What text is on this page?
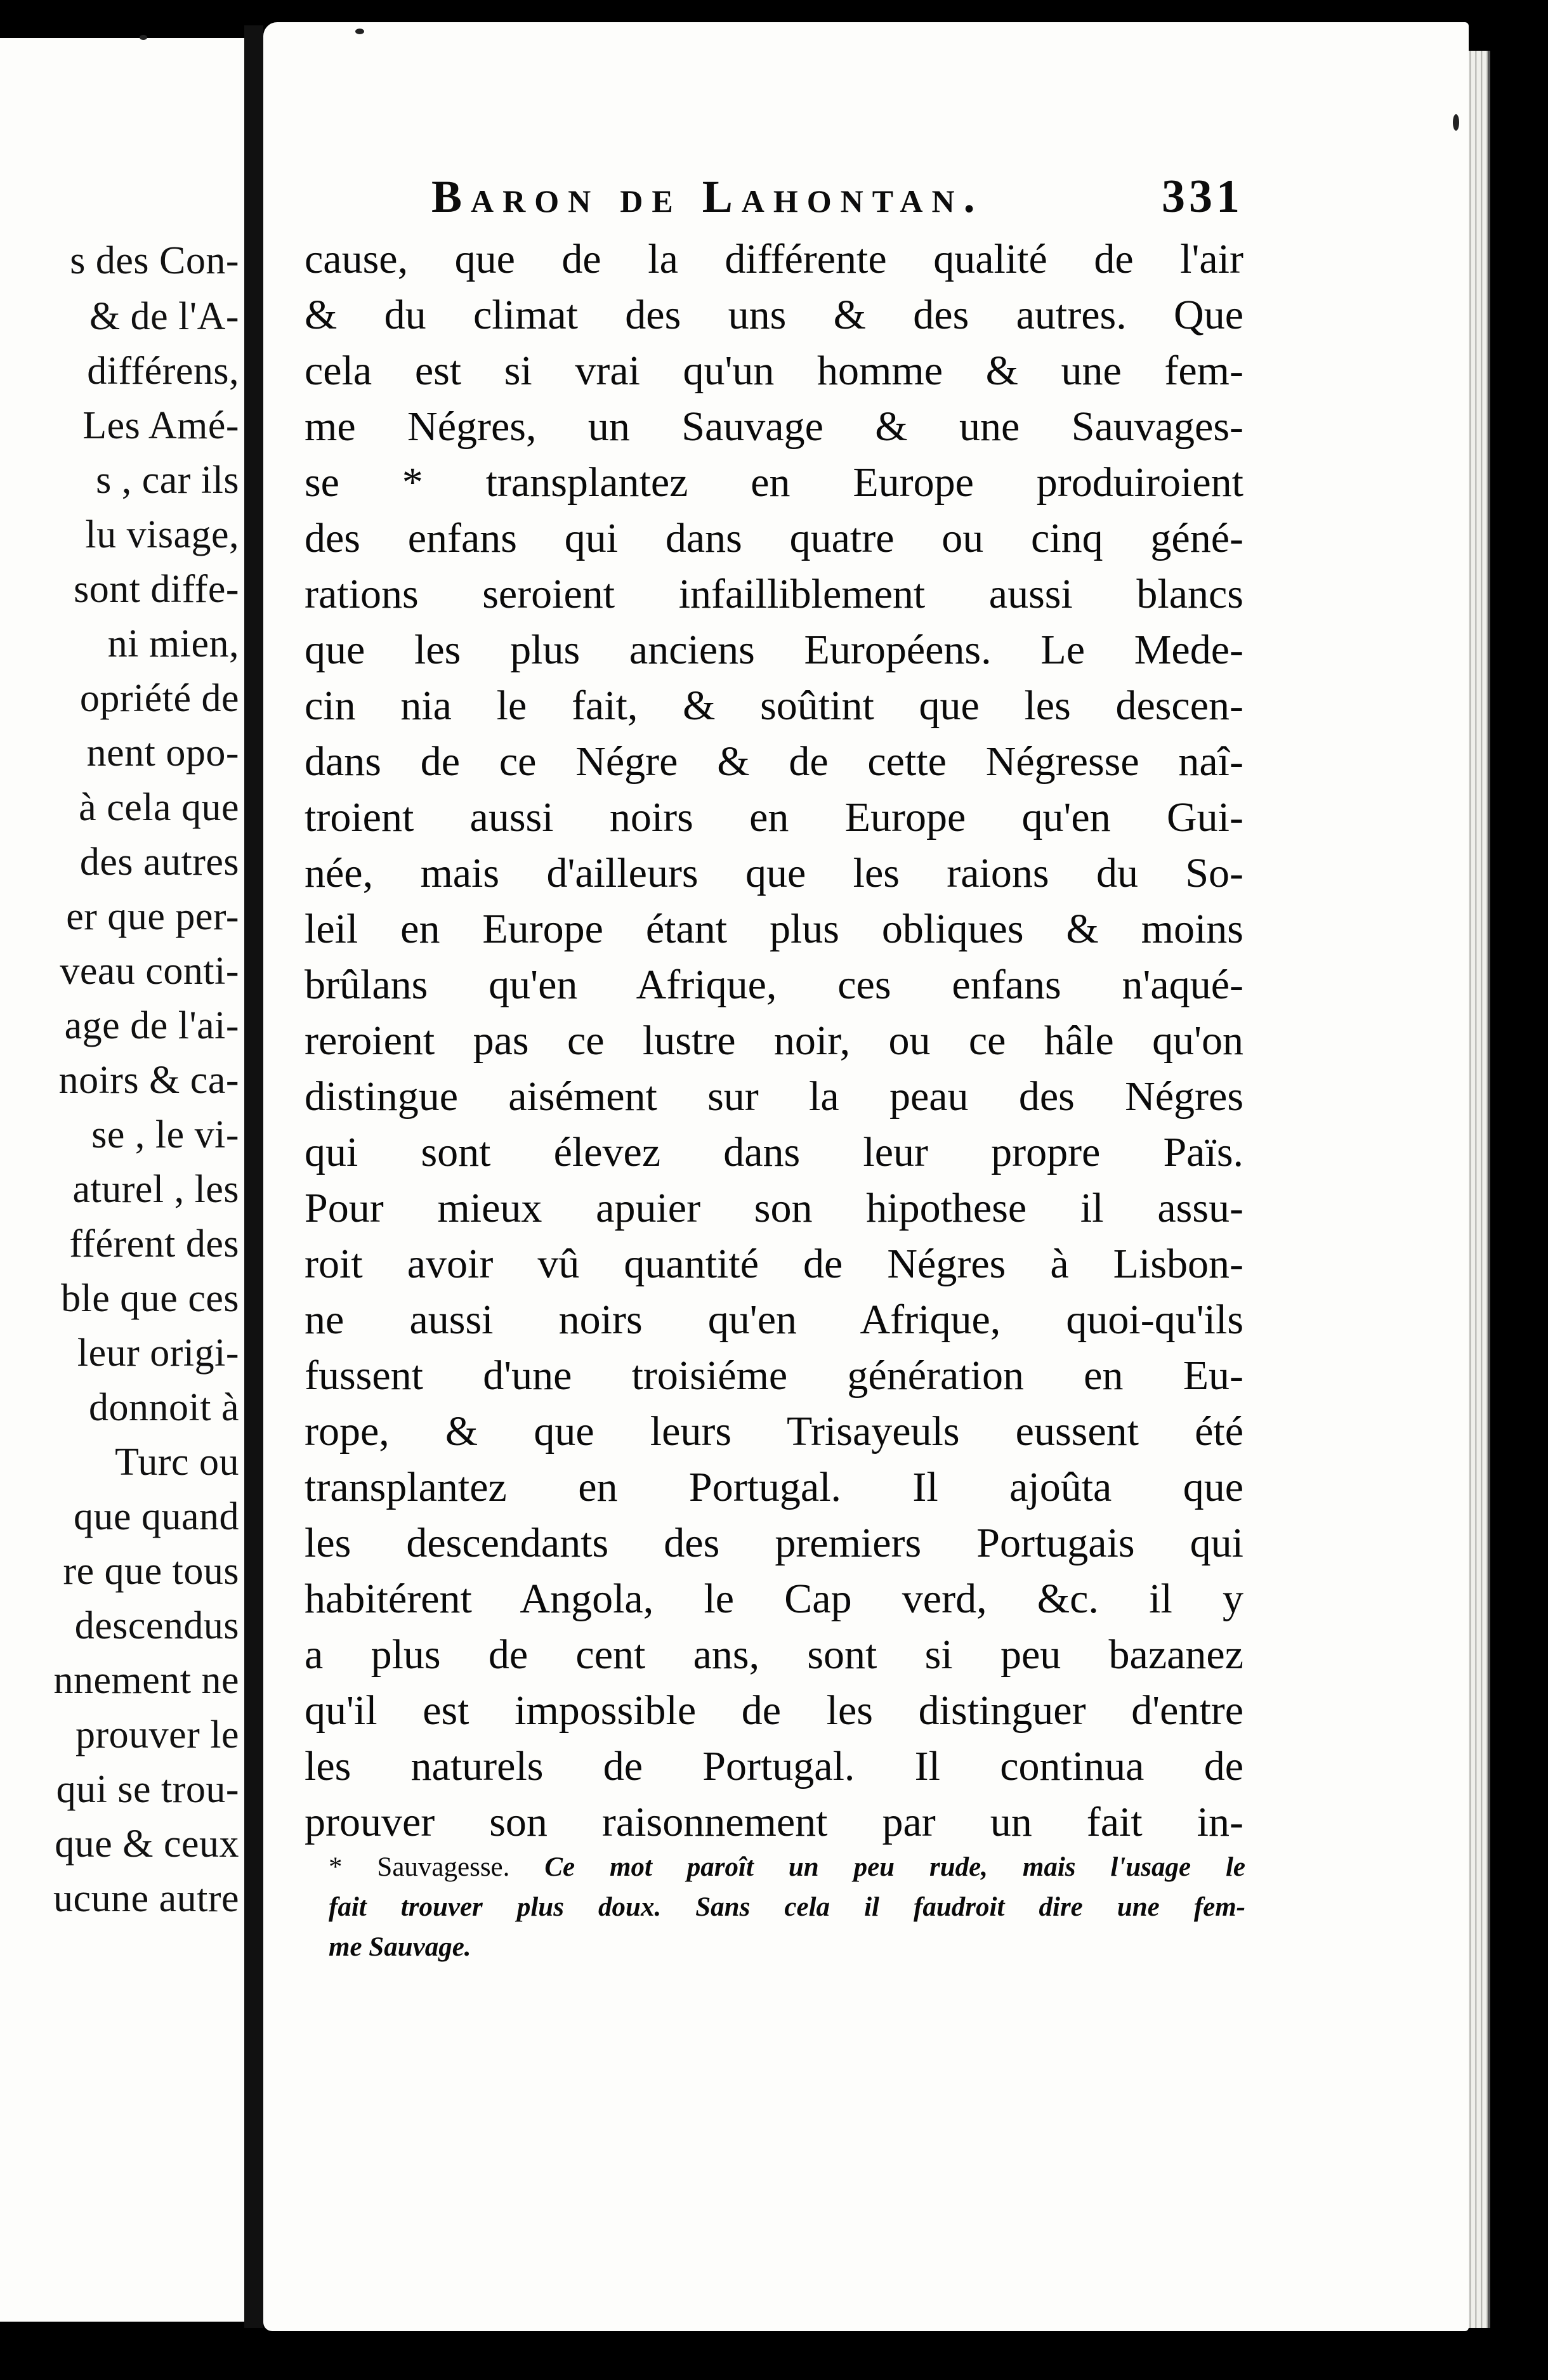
s des Con-
& de l'A-
différens,
Les Amé-
s , car ils
lu visage,
sont diffe-
ni mien,
opriété de
nent opo-
à cela que
des autres
er que per-
veau conti-
age de l'ai-
noirs & ca-
se , le vi-
aturel , les
fférent des
ble que ces
leur origi-
donnoit à
Turc ou
que quand
re que tous
descendus
nnement ne
prouver le
qui se trou-
que & ceux
ucune autre
Baron de Lahontan.	331
cause, que de la différente qualité de l'air
& du climat des uns & des autres. Que
cela est si vrai qu'un homme & une fem-
me Négres, un Sauvage & une Sauvages-
se * transplantez en Europe produiroient
des enfans qui dans quatre ou cinq géné-
rations seroient infailliblement aussi blancs
que les plus anciens Européens. Le Mede-
cin nia le fait, & soûtint que les descen-
dans de ce Négre & de cette Négresse naî-
troient aussi noirs en Europe qu'en Gui-
née, mais d'ailleurs que les raions du So-
leil en Europe étant plus obliques & moins
brûlans qu'en Afrique, ces enfans n'aqué-
reroient pas ce lustre noir, ou ce hâle qu'on
distingue aisément sur la peau des Négres
qui sont élevez dans leur propre Païs.
Pour mieux apuier son hipothese il assu-
roit avoir vû quantité de Négres à Lisbon-
ne aussi noirs qu'en Afrique, quoi-qu'ils
fussent d'une troisiéme génération en Eu-
rope, & que leurs Trisayeuls eussent été
transplantez en Portugal. Il ajoûta que
les descendants des premiers Portugais qui
habitérent Angola, le Cap verd, &c. il y
a plus de cent ans, sont si peu bazanez
qu'il est impossible de les distinguer d'entre
les naturels de Portugal. Il continua de
prouver son raisonnement par un fait in-
* Sauvagesse. Ce mot paroît un peu rude, mais l'usage le
fait trouver plus doux. Sans cela il faudroit dire une fem-
me Sauvage.
